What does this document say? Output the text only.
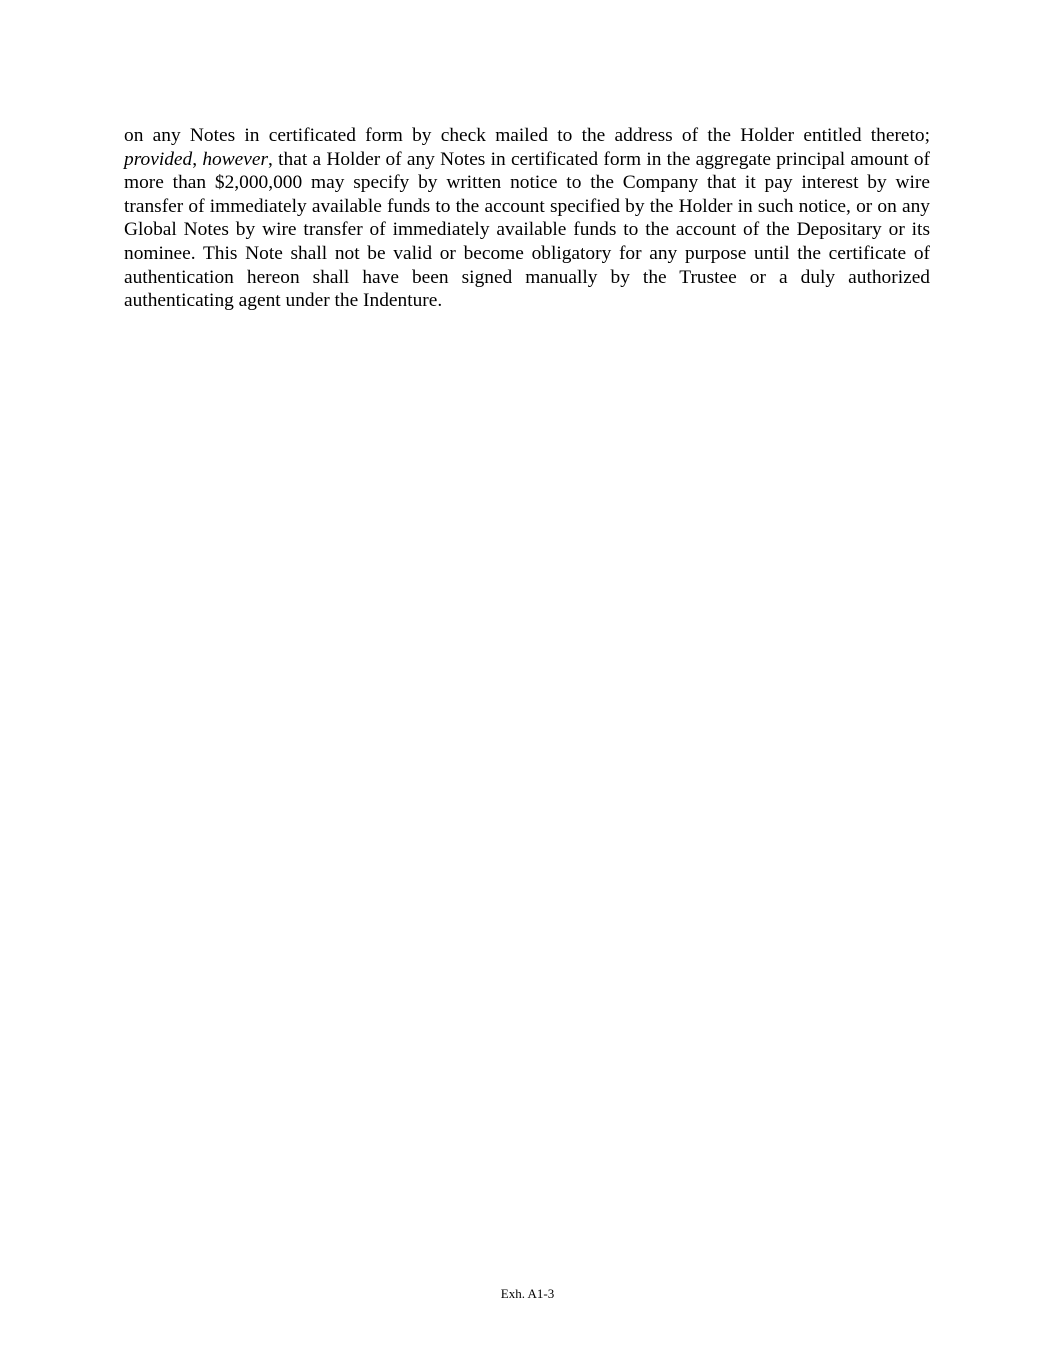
on any Notes in certificated form by check mailed to the address of the Holder entitled thereto; provided, however, that a Holder of any Notes in certificated form in the aggregate principal amount of more than $2,000,000 may specify by written notice to the Company that it pay interest by wire transfer of immediately available funds to the account specified by the Holder in such notice, or on any Global Notes by wire transfer of immediately available funds to the account of the Depositary or its nominee. This Note shall not be valid or become obligatory for any purpose until the certificate of authentication hereon shall have been signed manually by the Trustee or a duly authorized authenticating agent under the Indenture.

Exh. A1-3
